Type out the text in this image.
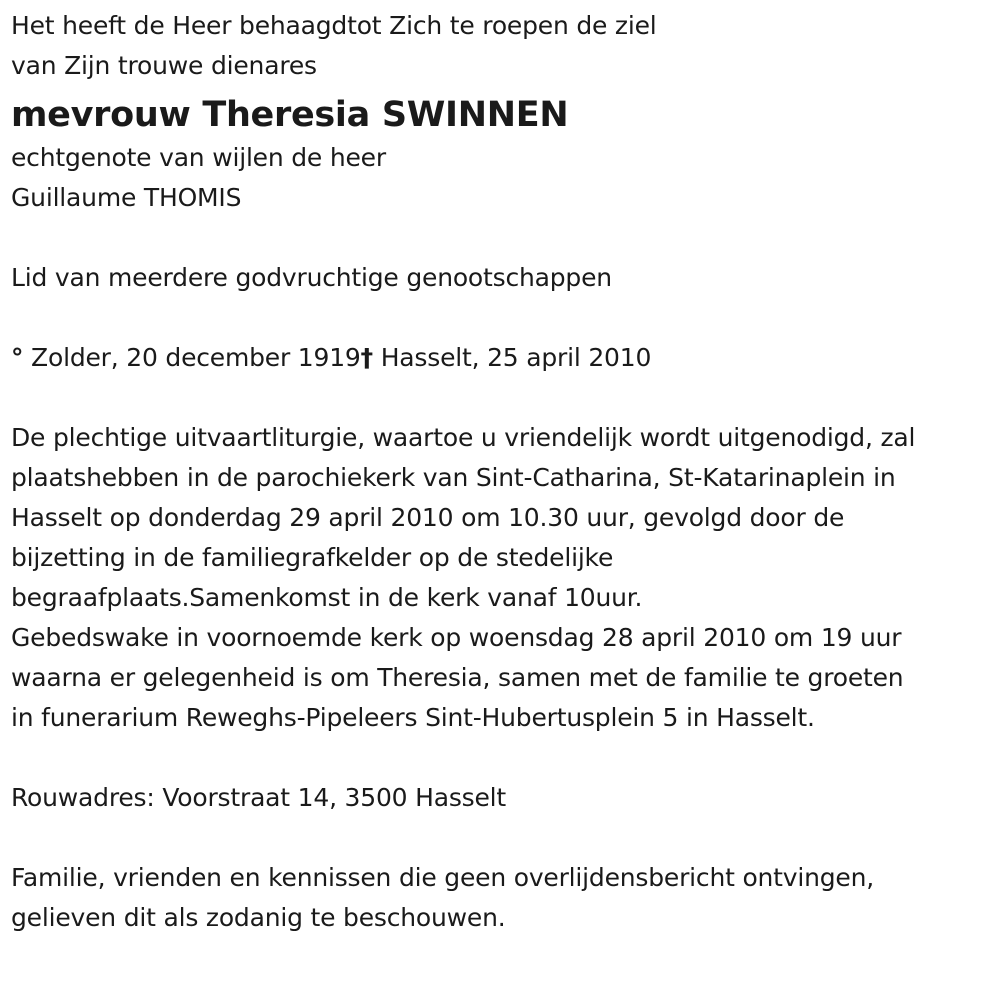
Het heeft de Heer behaagdtot Zich te roepen de ziel
van Zijn trouwe dienares
mevrouw Theresia SWINNEN
echtgenote van wijlen de heer
Guillaume THOMIS
Lid van meerdere godvruchtige genootschappen
° Zolder, 20 december 1919† Hasselt, 25 april 2010
De plechtige uitvaartliturgie, waartoe u vriendelijk wordt uitgenodigd, zal
plaatshebben in de parochiekerk van Sint-Catharina, St-Katarinaplein in
Hasselt op donderdag 29 april 2010 om 10.30 uur, gevolgd door de
bijzetting in de familiegrafkelder op de stedelijke
begraafplaats.Samenkomst in de kerk vanaf 10uur.
Gebedswake in voornoemde kerk op woensdag 28 april 2010 om 19 uur
waarna er gelegenheid is om Theresia, samen met de familie te groeten
in funerarium Reweghs-Pipeleers Sint-Hubertusplein 5 in Hasselt.
Rouwadres: Voorstraat 14, 3500 Hasselt
Familie, vrienden en kennissen die geen overlijdensbericht ontvingen,
gelieven dit als zodanig te beschouwen.
